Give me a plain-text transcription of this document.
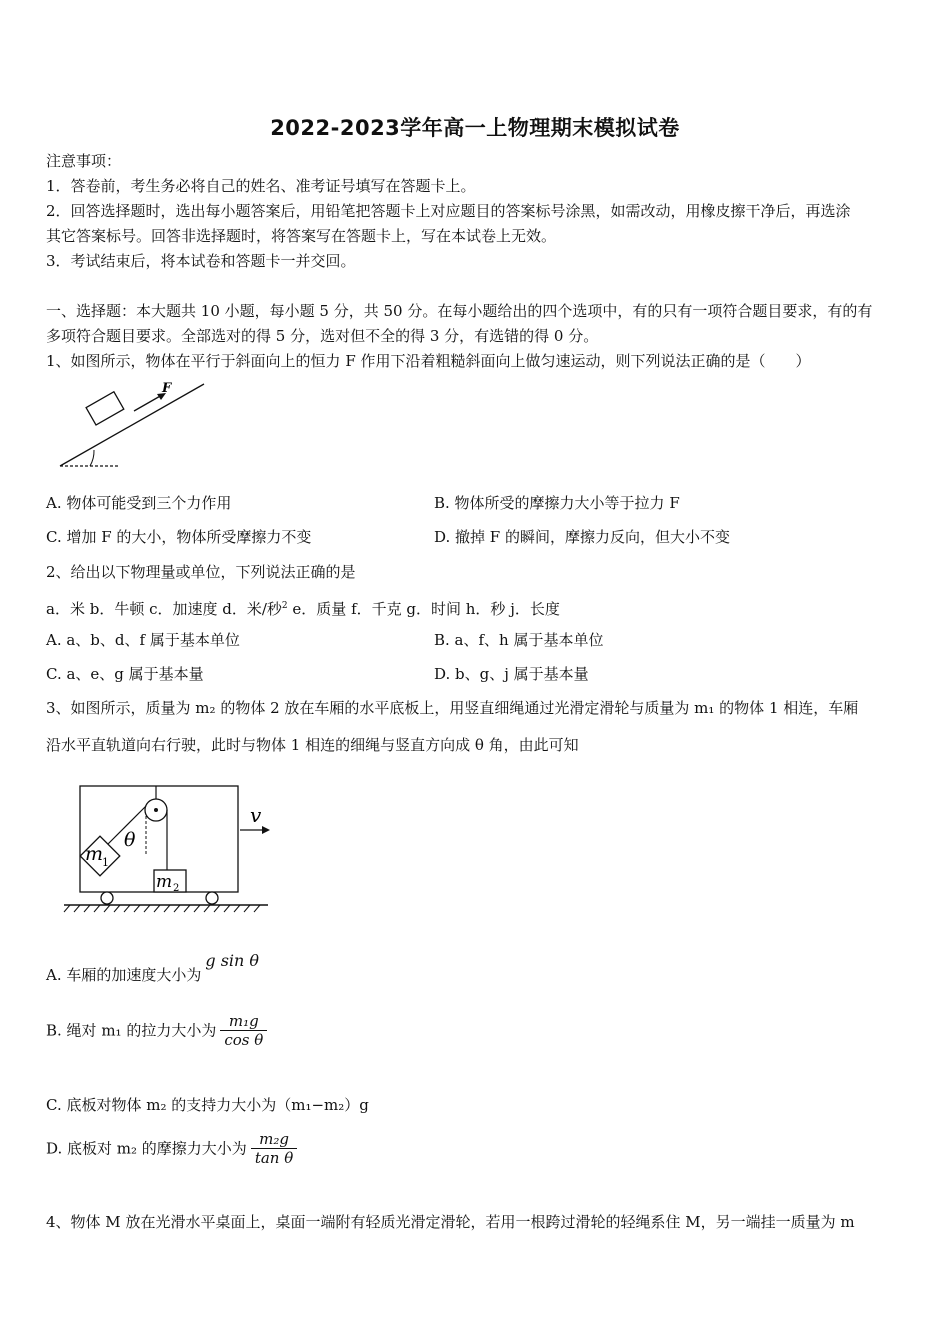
2022-2023学年高一上物理期末模拟试卷
注意事项：
1．答卷前，考生务必将自己的姓名、准考证号填写在答题卡上。
2．回答选择题时，选出每小题答案后，用铅笔把答题卡上对应题目的答案标号涂黑，如需改动，用橡皮擦干净后，再选涂
其它答案标号。回答非选择题时，将答案写在答题卡上，写在本试卷上无效。
3．考试结束后，将本试卷和答题卡一并交回。
一、选择题：本大题共 10 小题，每小题 5 分，共 50 分。在每小题给出的四个选项中，有的只有一项符合题目要求，有的有
多项符合题目要求。全部选对的得 5 分，选对但不全的得 3 分，有选错的得 0 分。
1、如图所示，物体在平行于斜面向上的恒力 F 作用下沿着粗糙斜面向上做匀速运动，则下列说法正确的是（　　）
F
A. 物体可能受到三个力作用	B. 物体所受的摩擦力大小等于拉力 F
C. 增加 F 的大小，物体所受摩擦力不变	D. 撤掉 F 的瞬间，摩擦力反向，但大小不变
2、给出以下物理量或单位，下列说法正确的是
a．米 b．牛顿 c．加速度 d．米/秒$^2$ e．质量 f．千克 g．时间 h．秒 j．长度
A. a、b、d、f 属于基本单位	B. a、f、h 属于基本单位
C. a、e、g 属于基本量	D. b、g、j 属于基本量
3、如图所示，质量为 m₂ 的物体 2 放在车厢的水平底板上，用竖直细绳通过光滑定滑轮与质量为 m₁ 的物体 1 相连，车厢
沿水平直轨道向右行驶，此时与物体 1 相连的细绳与竖直方向成 θ 角，由此可知
m
1
θ
m 2
v
A. 车厢的加速度大小为g sin θ
B. 绳对 m₁ 的拉力大小为 $\frac{\text{m₁g}}{\text{cos θ}}$
C. 底板对物体 m₂ 的支持力大小为（m₁−m₂）g
D. 底板对 m₂ 的摩擦力大小为 $\frac{\text{m₂g}}{\text{tan θ}}$
4、物体 M 放在光滑水平桌面上，桌面一端附有轻质光滑定滑轮，若用一根跨过滑轮的轻绳系住 M，另一端挂一质量为 m
